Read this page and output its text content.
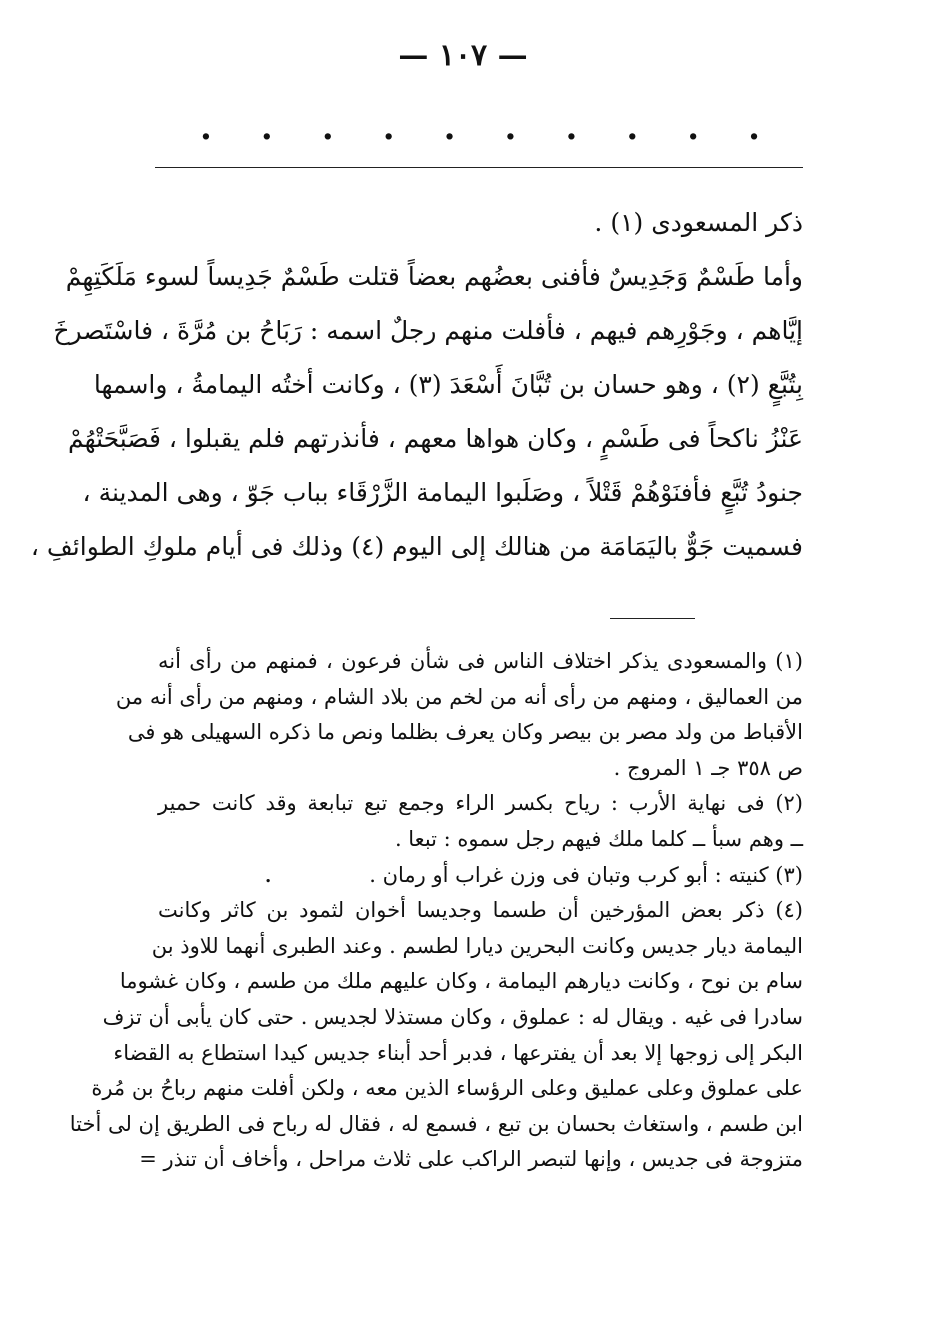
— ١٠٧ —
. . . . . . . . . .
ذكر المسعودى (١) .
وأما طَسْمٌ وَجَدِيسٌ فأفنى بعضُهم بعضاً قتلت طَسْمٌ جَدِيساً لسوء مَلَكَتِهِمْ
إيَّاهم ، وجَوْرِهم فيهم ، فأفلت منهم رجلٌ اسمه : رَبَاحُ بن مُرَّةَ ، فاسْتَصرخَ
بِتُبَّعٍ (٢) ، وهو حسان بن تُبَّانَ أَسْعَدَ (٣) ، وكانت أختُه اليمامةُ ، واسمها
عَنْزُ ناكحاً فى طَسْمٍ ، وكان هواها معهم ، فأنذرتهم فلم يقبلوا ، فَصَبَّحَتْهُمْ
جنودُ تُبَّعٍ فأفنَوْهُمْ قَتْلاً ، وصَلَبوا اليمامة الزَّرْقَاء بباب جَوّ ، وهى المدينة ،
فسميت جَوٌّ باليَمَامَة من هنالك إلى اليوم (٤) وذلك فى أيام ملوكِ الطوائفِ ،
(١) والمسعودى يذكر اختلاف الناس فى شأن فرعون ، فمنهم من رأى أنه
من العماليق ، ومنهم من رأى أنه من لخم من بلاد الشام ، ومنهم من رأى أنه من
الأقباط من ولد مصر بن بيصر وكان يعرف بظلما ونص ما ذكره السهيلى هو فى
ص ٣٥٨ جـ ١ المروج .
(٢) فى نهاية الأرب : رياح بكسر الراء وجمع تبع تبابعة وقد كانت حمير
ــ وهم سبأ ــ كلما ملك فيهم رجل سموه : تبعا .
(٣) كنيته : أبو كرب وتبان فى وزن غراب أو رمان .
(٤) ذكر بعض المؤرخين أن طسما وجديسا أخوان لثمود بن كاثر وكانت
اليمامة ديار جديس وكانت البحرين ديارا لطسم . وعند الطبرى أنهما للاوذ بن
سام بن نوح ، وكانت ديارهم اليمامة ، وكان عليهم ملك من طسم ، وكان غشوما
سادرا فى غيه . ويقال له : عملوق ، وكان مستذلا لجديس . حتى كان يأبى أن تزف
البكر إلى زوجها إلا بعد أن يفترعها ، فدبر أحد أبناء جديس كيدا استطاع به القضاء
على عملوق وعلى عمليق وعلى الرؤساء الذين معه ، ولكن أفلت منهم رباحُ بن مُرة
ابن طسم ، واستغاث بحسان بن تبع ، فسمع له ، فقال له رباح فى الطريق إن لى أختا
متزوجة فى جديس ، وإنها لتبصر الراكب على ثلاث مراحل ، وأخاف أن تنذر =
.
